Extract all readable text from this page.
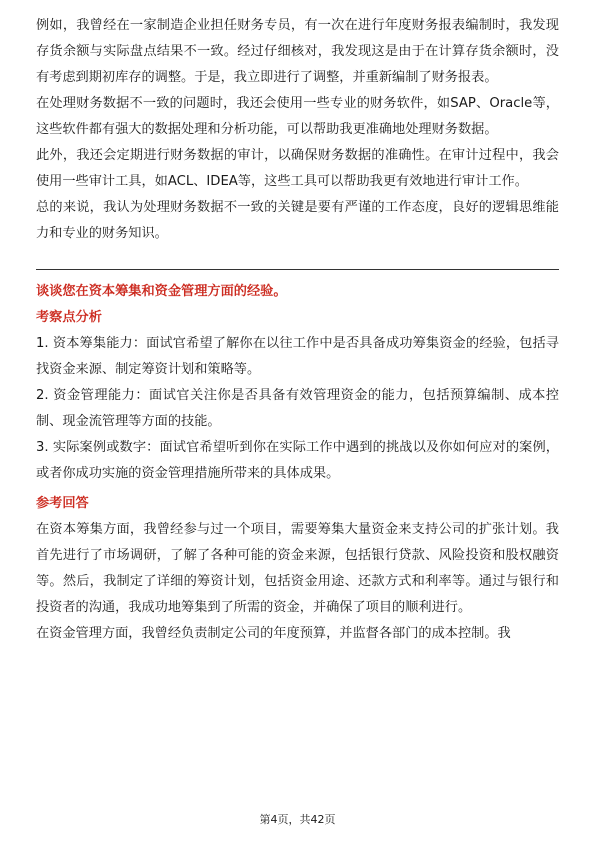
例如，我曾经在一家制造企业担任财务专员，有一次在进行年度财务报表编制时，我发现存货余额与实际盘点结果不一致。经过仔细核对，我发现这是由于在计算存货余额时，没有考虑到期初库存的调整。于是，我立即进行了调整，并重新编制了财务报表。

在处理财务数据不一致的问题时，我还会使用一些专业的财务软件，如SAP、Oracle等，这些软件都有强大的数据处理和分析功能，可以帮助我更准确地处理财务数据。

此外，我还会定期进行财务数据的审计，以确保财务数据的准确性。在审计过程中，我会使用一些审计工具，如ACL、IDEA等，这些工具可以帮助我更有效地进行审计工作。

总的来说，我认为处理财务数据不一致的关键是要有严谨的工作态度，良好的逻辑思维能力和专业的财务知识。

谈谈您在资本筹集和资金管理方面的经验。

考察点分析

1. 资本筹集能力：面试官希望了解你在以往工作中是否具备成功筹集资金的经验，包括寻找资金来源、制定筹资计划和策略等。

2. 资金管理能力：面试官关注你是否具备有效管理资金的能力，包括预算编制、成本控制、现金流管理等方面的技能。

3. 实际案例或数字：面试官希望听到你在实际工作中遇到的挑战以及你如何应对的案例，或者你成功实施的资金管理措施所带来的具体成果。

参考回答

在资本筹集方面，我曾经参与过一个项目，需要筹集大量资金来支持公司的扩张计划。我首先进行了市场调研，了解了各种可能的资金来源，包括银行贷款、风险投资和股权融资等。然后，我制定了详细的筹资计划，包括资金用途、还款方式和利率等。通过与银行和投资者的沟通，我成功地筹集到了所需的资金，并确保了项目的顺利进行。

在资金管理方面，我曾经负责制定公司的年度预算，并监督各部门的成本控制。我

第4页，共42页
